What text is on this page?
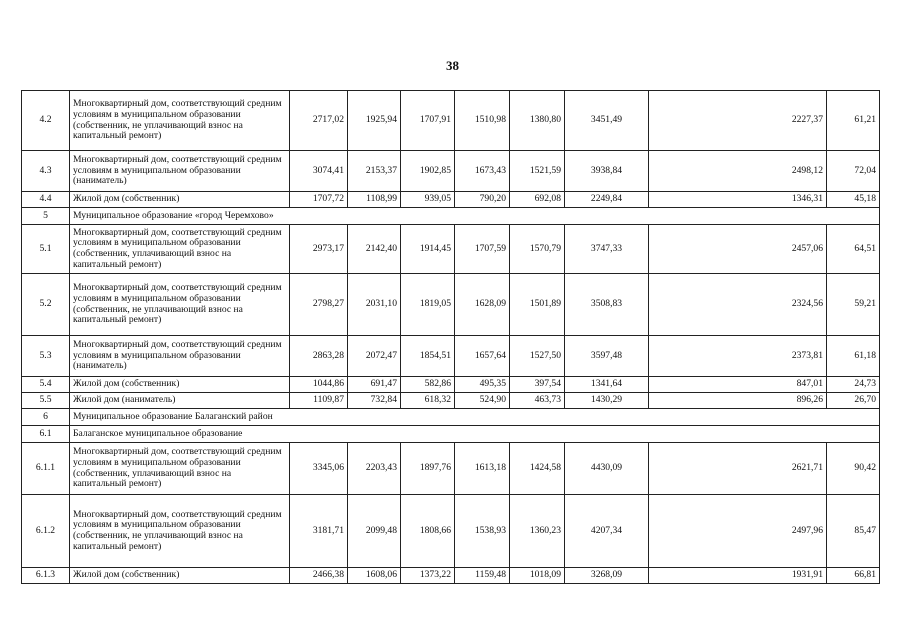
38
4.2	Многоквартирный дом, соответствующий средним условиям в муниципальном образовании (собственник, не уплачивающий взнос на капитальный ремонт)	2717,02	1925,94	1707,91	1510,98	1380,80	3451,49	2227,37	61,21
4.3	Многоквартирный дом, соответствующий средним условиям в муниципальном образовании (наниматель)	3074,41	2153,37	1902,85	1673,43	1521,59	3938,84	2498,12	72,04
4.4	Жилой дом (собственник)	1707,72	1108,99	939,05	790,20	692,08	2249,84	1346,31	45,18
5	Муниципальное образование «город Черемхово»								
5.1	Многоквартирный дом, соответствующий средним условиям в муниципальном образовании (собственник, уплачивающий взнос на капитальный ремонт)	2973,17	2142,40	1914,45	1707,59	1570,79	3747,33	2457,06	64,51
5.2	Многоквартирный дом, соответствующий средним условиям в муниципальном образовании (собственник, не уплачивающий взнос на капитальный ремонт)	2798,27	2031,10	1819,05	1628,09	1501,89	3508,83	2324,56	59,21
5.3	Многоквартирный дом, соответствующий средним условиям в муниципальном образовании (наниматель)	2863,28	2072,47	1854,51	1657,64	1527,50	3597,48	2373,81	61,18
5.4	Жилой дом (собственник)	1044,86	691,47	582,86	495,35	397,54	1341,64	847,01	24,73
5.5	Жилой дом (наниматель)	1109,87	732,84	618,32	524,90	463,73	1430,29	896,26	26,70
6	Муниципальное образование Балаганский район								
6.1	Балаганское муниципальное образование								
6.1.1	Многоквартирный дом, соответствующий средним условиям в муниципальном образовании (собственник, уплачивающий взнос на капитальный ремонт)	3345,06	2203,43	1897,76	1613,18	1424,58	4430,09	2621,71	90,42
6.1.2	Многоквартирный дом, соответствующий средним условиям в муниципальном образовании (собственник, не уплачивающий взнос на капитальный ремонт)	3181,71	2099,48	1808,66	1538,93	1360,23	4207,34	2497,96	85,47
6.1.3	Жилой дом (собственник)	2466,38	1608,06	1373,22	1159,48	1018,09	3268,09	1931,91	66,81
